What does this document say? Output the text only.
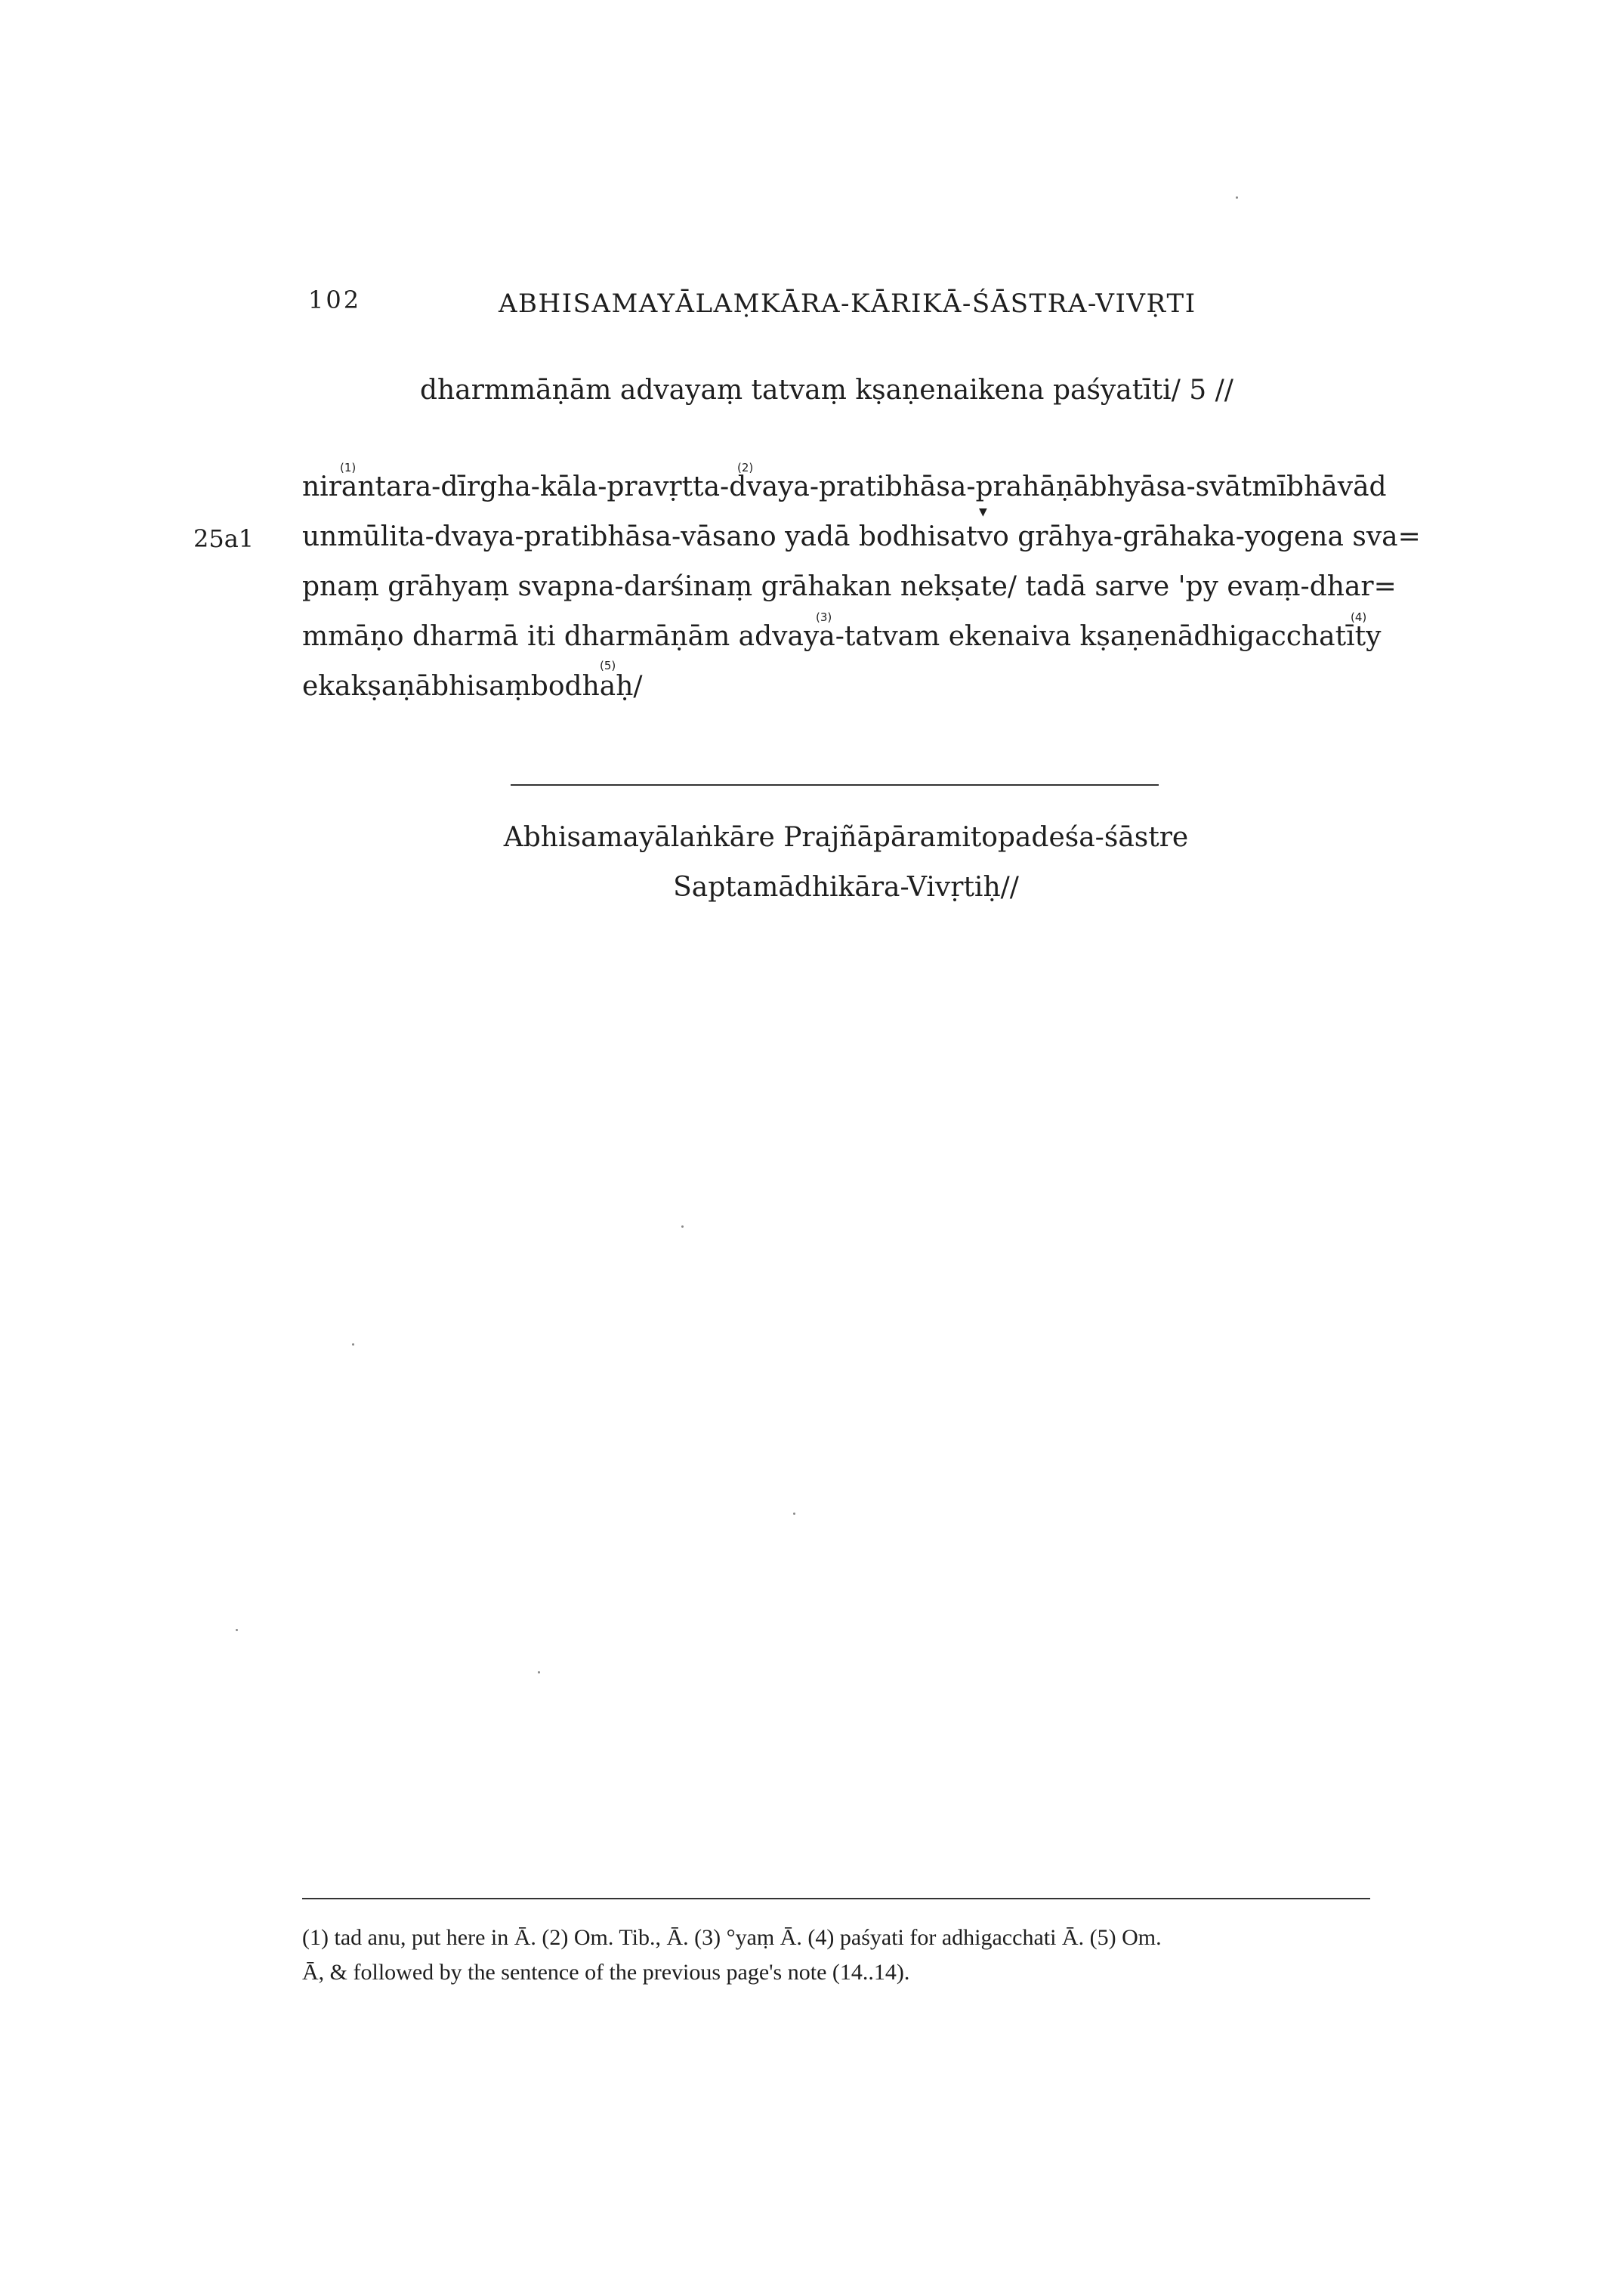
102	ABHISAMAYĀLAṂKĀRA-KĀRIKĀ-ŚĀSTRA-VIVṚTI
dharmmāṇām advayaṃ tatvaṃ kṣaṇenaikena paśyatīti/ 5 //
(1)	(2)
(3)	(4)
(5)
▼
25a1
nirantara-dīrgha-kāla-pravṛtta-dvaya-pratibhāsa-prahāṇābhyāsa-svātmībhāvād
unmūlita-dvaya-pratibhāsa-vāsano yadā bodhisatvo grāhya-grāhaka-yogena sva=
pnaṃ grāhyaṃ svapna-darśinaṃ grāhakan nekṣate/ tadā sarve 'py evaṃ-dhar=
mmāṇo dharmā iti dharmāṇām advaya-tatvam ekenaiva kṣaṇenādhigacchatīty
ekakṣaṇābhisaṃbodhaḥ/
Abhisamayālaṅkāre Prajñāpāramitopadeśa-śāstre
Saptamādhikāra-Vivṛtiḥ//
(1) tad anu, put here in Ā. (2) Om. Tib., Ā. (3) °yaṃ Ā. (4) paśyati for adhigacchati Ā. (5) Om.
Ā, & followed by the sentence of the previous page's note (14..14).
